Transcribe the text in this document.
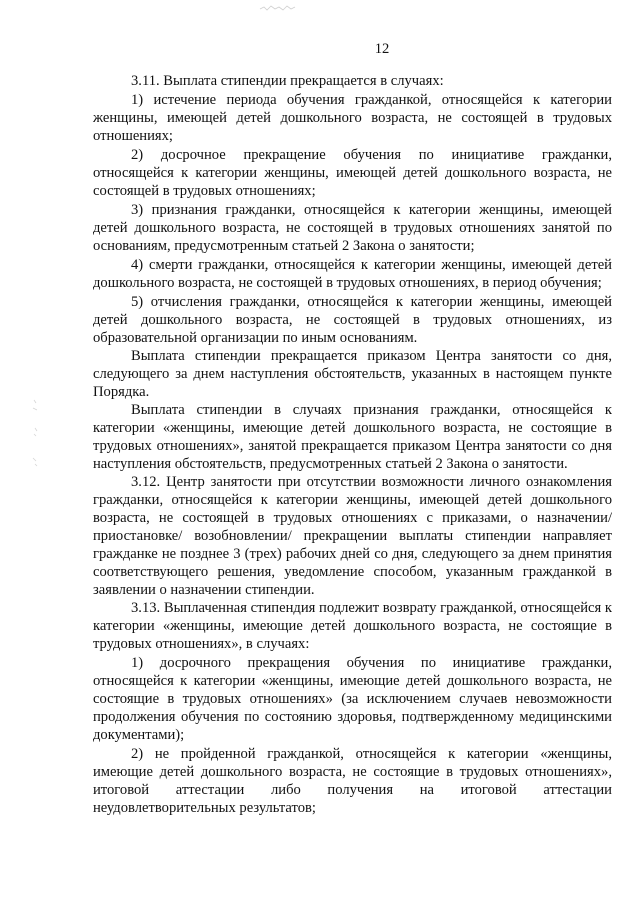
12

3.11. Выплата стипендии прекращается в случаях:

1) истечение периода обучения гражданкой, относящейся к категории женщины, имеющей детей дошкольного возраста, не состоящей в трудовых отношениях;

2) досрочное прекращение обучения по инициативе гражданки, относящейся к категории женщины, имеющей детей дошкольного возраста, не состоящей в трудовых отношениях;

3) признания гражданки, относящейся к категории женщины, имеющей детей дошкольного возраста, не состоящей в трудовых отношениях занятой по основаниям, предусмотренным статьей 2 Закона о занятости;

4) смерти гражданки, относящейся к категории женщины, имеющей детей дошкольного возраста, не состоящей в трудовых отношениях, в период обучения;

5) отчисления гражданки, относящейся к категории женщины, имеющей детей дошкольного возраста, не состоящей в трудовых отношениях, из образовательной организации по иным основаниям.

Выплата стипендии прекращается приказом Центра занятости со дня, следующего за днем наступления обстоятельств, указанных в настоящем пункте Порядка.

Выплата стипендии в случаях признания гражданки, относящейся к категории «женщины, имеющие детей дошкольного возраста, не состоящие в трудовых отношениях», занятой прекращается приказом Центра занятости со дня наступления обстоятельств, предусмотренных статьей 2 Закона о занятости.

3.12. Центр занятости при отсутствии возможности личного ознакомления гражданки, относящейся к категории женщины, имеющей детей дошкольного возраста, не состоящей в трудовых отношениях с приказами, о назначении/ приостановке/ возобновлении/ прекращении выплаты стипендии направляет гражданке не позднее 3 (трех) рабочих дней со дня, следующего за днем принятия соответствующего решения, уведомление способом, указанным гражданкой в заявлении о назначении стипендии.

3.13. Выплаченная стипендия подлежит возврату гражданкой, относящейся к категории «женщины, имеющие детей дошкольного возраста, не состоящие в трудовых отношениях», в случаях:

1) досрочного прекращения обучения по инициативе гражданки, относящейся к категории «женщины, имеющие детей дошкольного возраста, не состоящие в трудовых отношениях» (за исключением случаев невозможности продолжения обучения по состоянию здоровья, подтвержденному медицинскими документами);

2) не пройденной гражданкой, относящейся к категории «женщины, имеющие детей дошкольного возраста, не состоящие в трудовых отношениях», итоговой аттестации либо получения на итоговой аттестации неудовлетворительных результатов;
